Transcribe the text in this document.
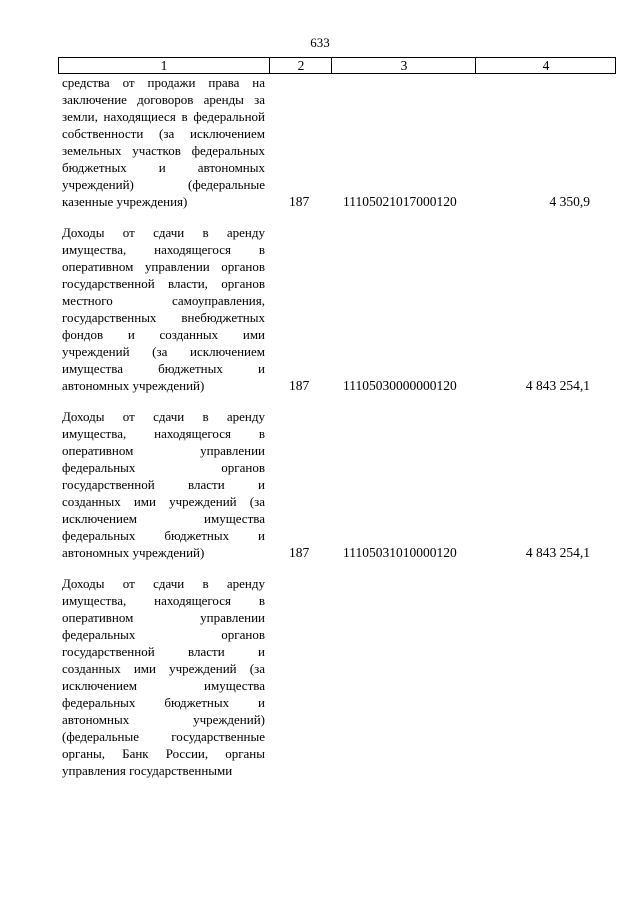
633
1	2	3	4
средства от продажи права на заключение договоров аренды за земли, находящиеся в федеральной собственности (за исключением земельных участков федеральных бюджетных и автономных учреждений) (федеральные казенные учреждения)	187	11105021017000120	4 350,9
Доходы от сдачи в аренду имущества, находящегося в оперативном управлении органов государственной власти, органов местного самоуправления, государственных внебюджетных фондов и созданных ими учреждений (за исключением имущества бюджетных и автономных учреждений)	187	11105030000000120	4 843 254,1
Доходы от сдачи в аренду имущества, находящегося в оперативном управлении федеральных органов государственной власти и созданных ими учреждений (за исключением имущества федеральных бюджетных и автономных учреждений)	187	11105031010000120	4 843 254,1
Доходы от сдачи в аренду имущества, находящегося в оперативном управлении федеральных органов государственной власти и созданных ими учреждений (за исключением имущества федеральных бюджетных и автономных учреждений) (федеральные государственные органы, Банк России, органы управления государственными
